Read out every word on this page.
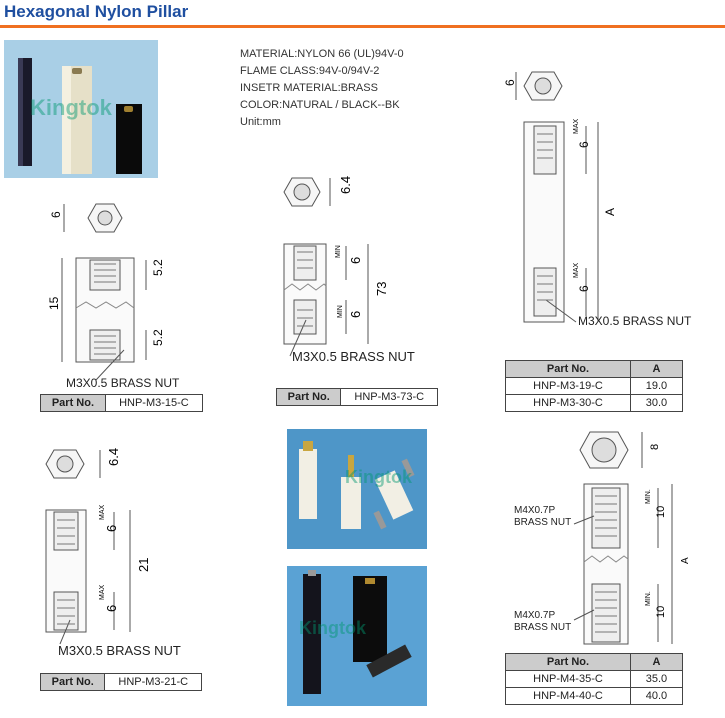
Hexagonal Nylon Pillar
MATERIAL:NYLON 66 (UL)94V-0
FLAME CLASS:94V-0/94V-2
INSETR MATERIAL:BRASS
COLOR:NATURAL / BLACK--BK
Unit:mm
Kingtok
6
15
5.2
5.2
M3X0.5 BRASS NUT
Part No.	HNP-M3-15-C
6.4
MIN
MIN
6
6
73
M3X0.5 BRASS NUT
Part No.	HNP-M3-73-C
6
MAX
6
MAX
6
A
M3X0.5 BRASS NUT
Part No.	A
HNP-M3-19-C	19.0
HNP-M3-30-C	30.0
6.4
MAX
6
21
MAX
6
M3X0.5 BRASS NUT
Part No.	HNP-M3-21-C
Kingtok
Kingtok
8
MIN.
10
A
MIN.
10
M4X0.7P
BRASS NUT
M4X0.7P
BRASS NUT
Part No.	A
HNP-M4-35-C	35.0
HNP-M4-40-C	40.0
